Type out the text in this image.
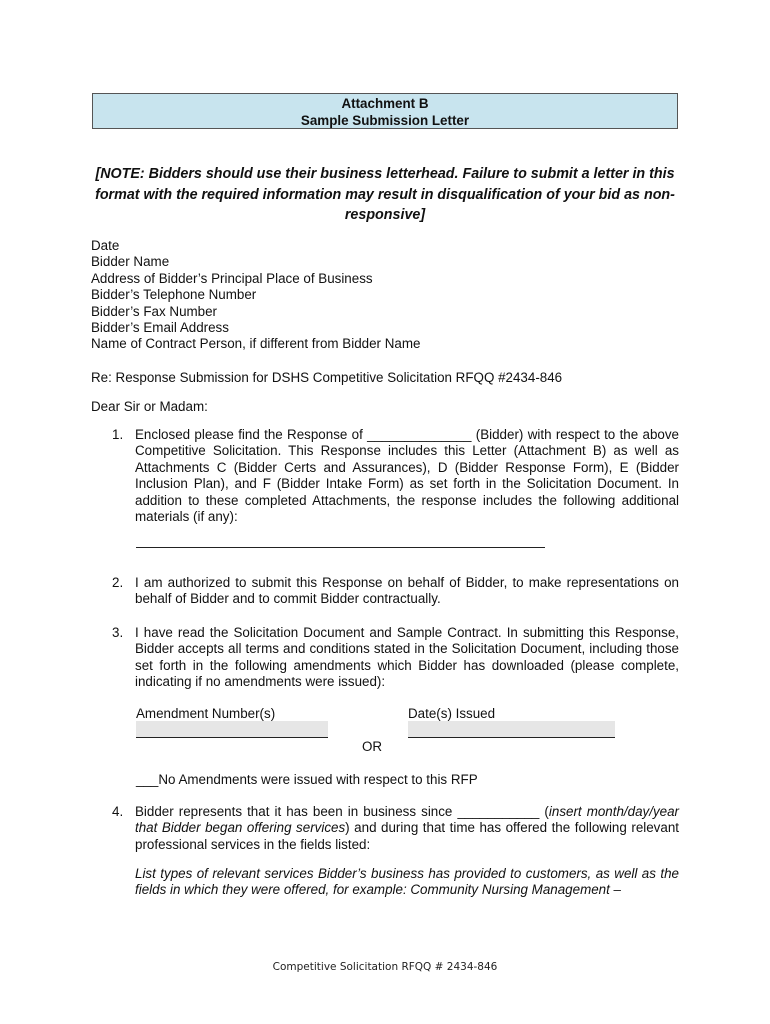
Attachment B
Sample Submission Letter
[NOTE: Bidders should use their business letterhead. Failure to submit a letter in this format with the required information may result in disqualification of your bid as non-responsive]
Date
Bidder Name
Address of Bidder’s Principal Place of Business
Bidder’s Telephone Number
Bidder’s Fax Number
Bidder’s Email Address
Name of Contract Person, if different from Bidder Name
Re: Response Submission for DSHS Competitive Solicitation RFQQ #2434-846
Dear Sir or Madam:
1. Enclosed please find the Response of ______________ (Bidder) with respect to the above Competitive Solicitation. This Response includes this Letter (Attachment B) as well as Attachments C (Bidder Certs and Assurances), D (Bidder Response Form), E (Bidder Inclusion Plan), and F (Bidder Intake Form) as set forth in the Solicitation Document. In addition to these completed Attachments, the response includes the following additional materials (if any):
2. I am authorized to submit this Response on behalf of Bidder, to make representations on behalf of Bidder and to commit Bidder contractually.
3. I have read the Solicitation Document and Sample Contract. In submitting this Response, Bidder accepts all terms and conditions stated in the Solicitation Document, including those set forth in the following amendments which Bidder has downloaded (please complete, indicating if no amendments were issued):
Amendment Number(s)	Date(s) Issued
OR
___No Amendments were issued with respect to this RFP
4. Bidder represents that it has been in business since ___________ (insert month/day/year that Bidder began offering services) and during that time has offered the following relevant professional services in the fields listed:
List types of relevant services Bidder’s business has provided to customers, as well as the fields in which they were offered, for example: Community Nursing Management –
Competitive Solicitation RFQQ # 2434-846
